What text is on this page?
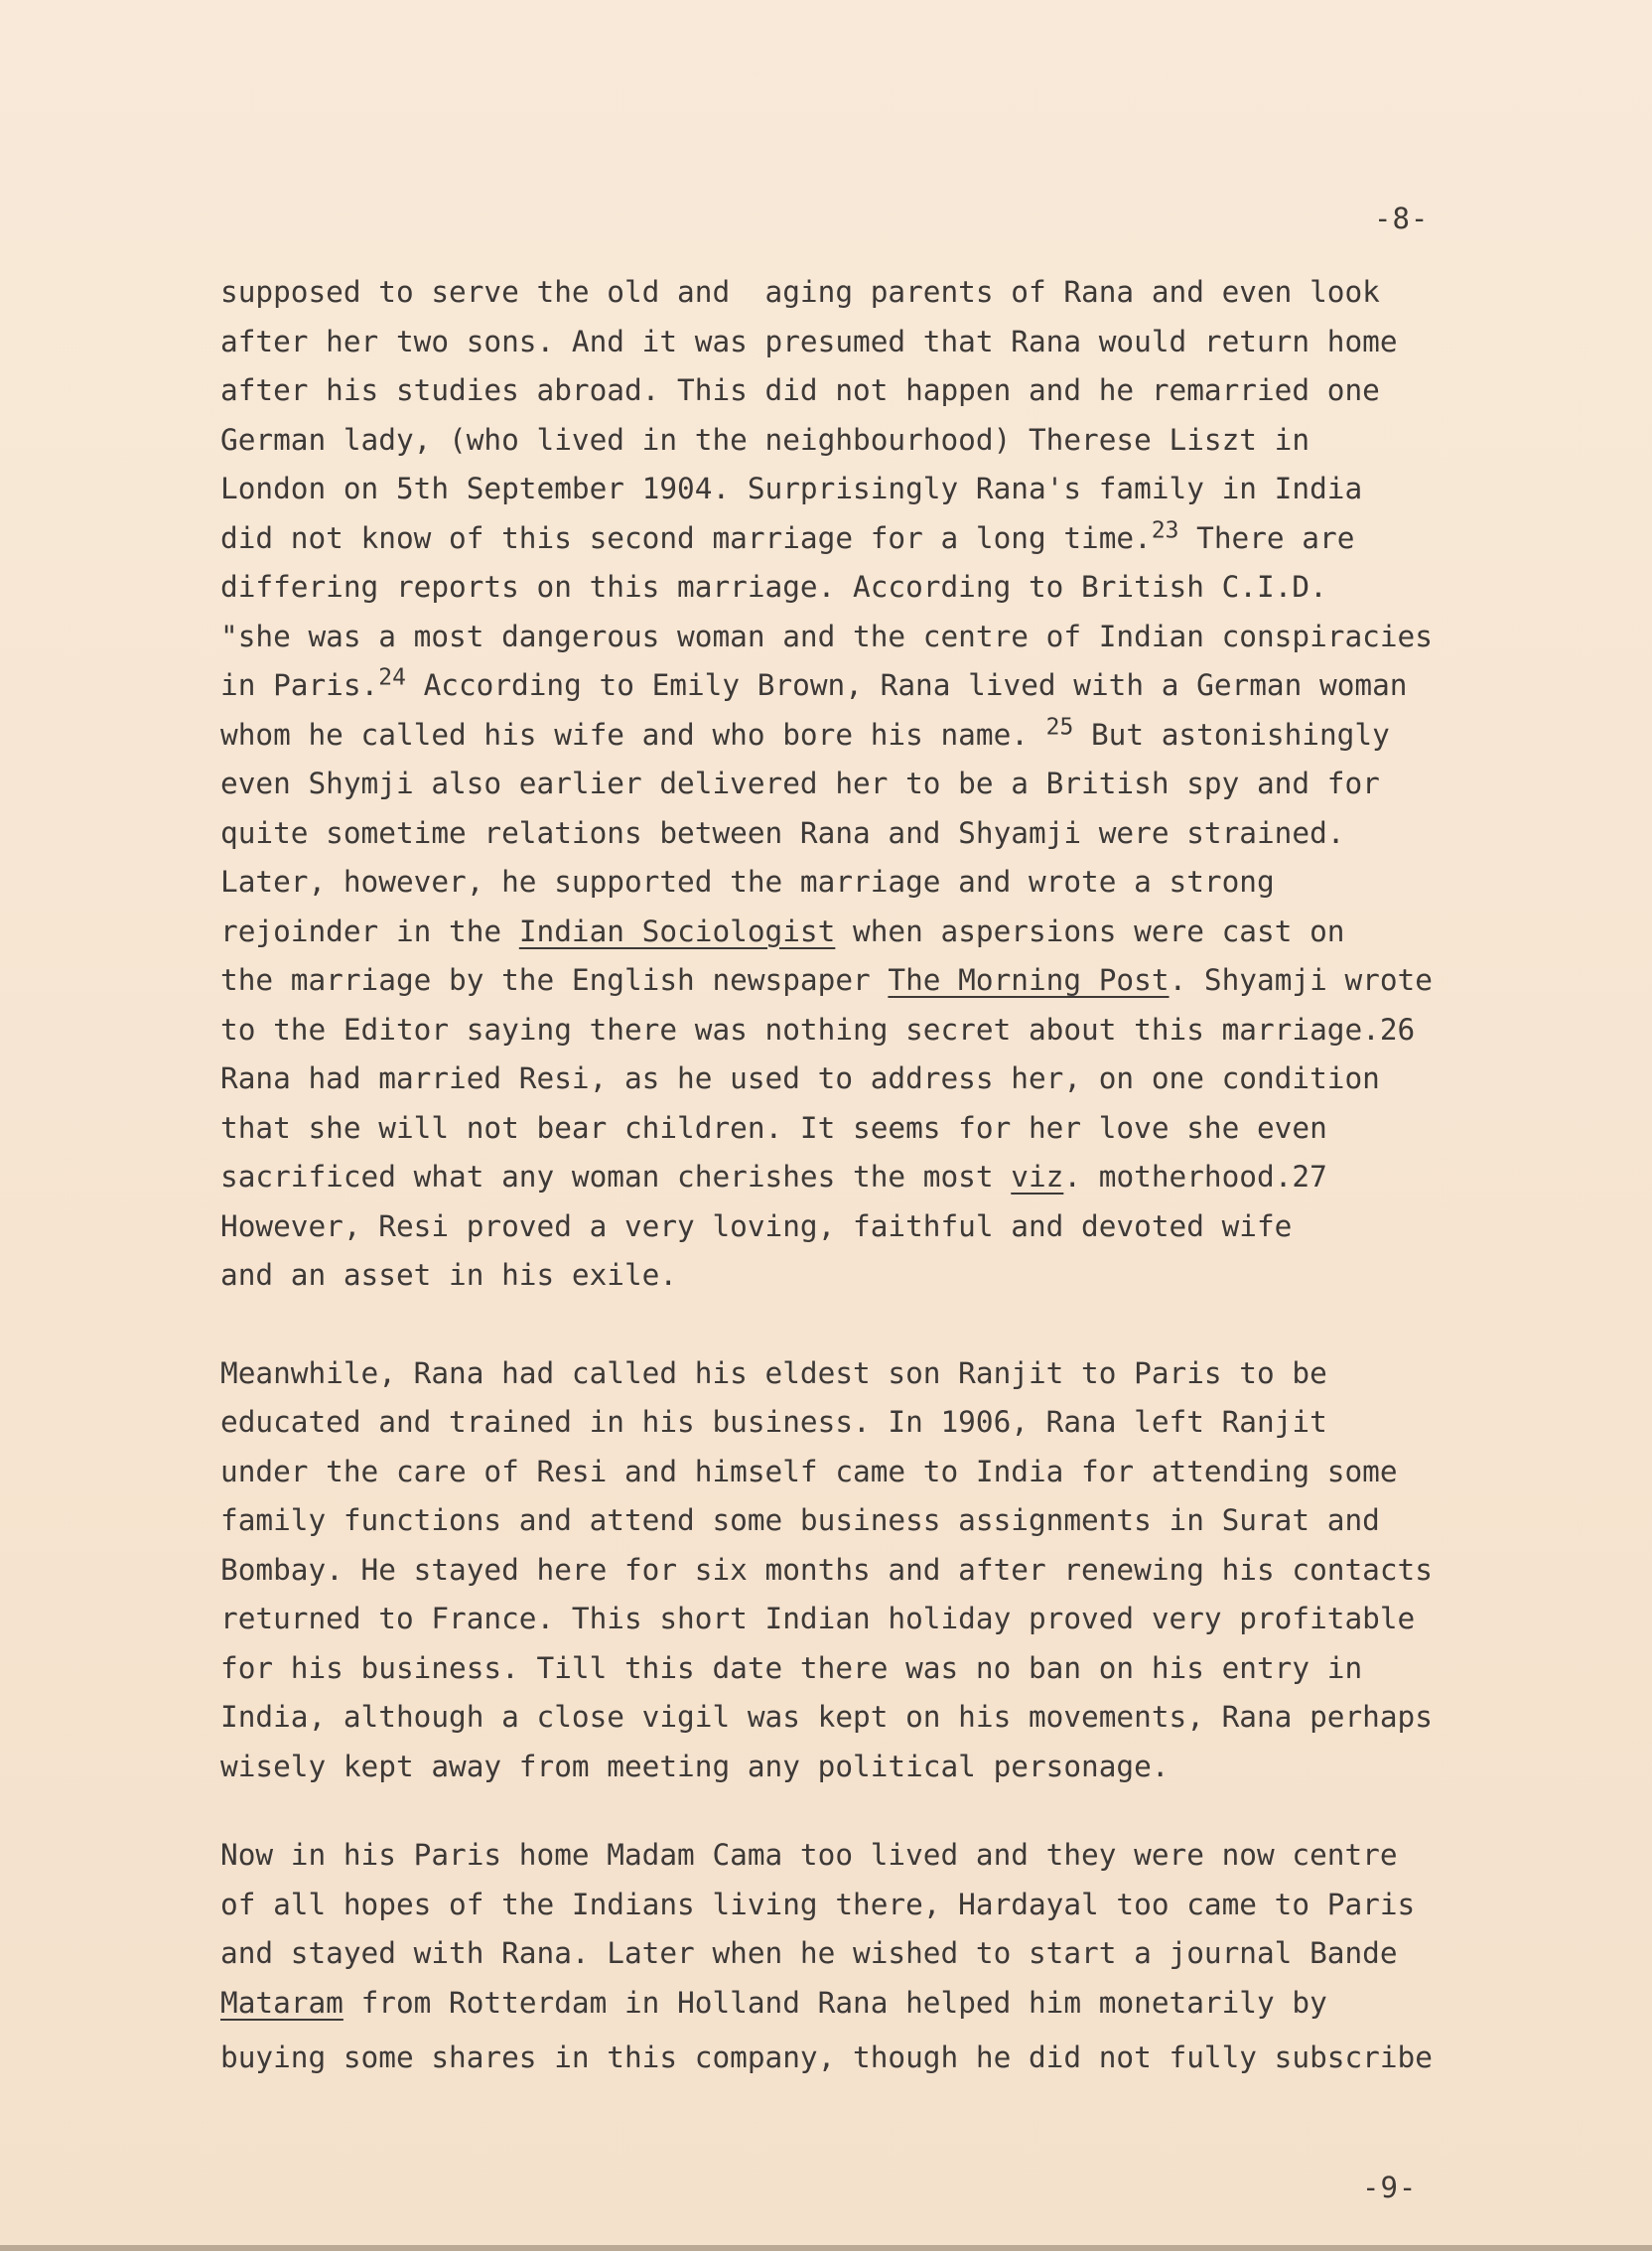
-8-
supposed to serve the old and  aging parents of Rana and even look
after her two sons. And it was presumed that Rana would return home
after his studies abroad. This did not happen and he remarried one
German lady, (who lived in the neighbourhood) Therese Liszt in
London on 5th September 1904. Surprisingly Rana's family in India
did not know of this second marriage for a long time.$^{23}$ There are
differing reports on this marriage. According to British C.I.D.
"she was a most dangerous woman and the centre of Indian conspiracies
in Paris.$^{24}$ According to Emily Brown, Rana lived with a German woman
whom he called his wife and who bore his name. $^{25}$ But astonishingly
even Shymji also earlier delivered her to be a British spy and for
quite sometime relations between Rana and Shyamji were strained.
Later, however, he supported the marriage and wrote a strong
rejoinder in the Indian Sociologist when aspersions were cast on
the marriage by the English newspaper The Morning Post. Shyamji wrote
to the Editor saying there was nothing secret about this marriage.26
Rana had married Resi, as he used to address her, on one condition
that she will not bear children. It seems for her love she even
sacrificed what any woman cherishes the most viz. motherhood.27
However, Resi proved a very loving, faithful and devoted wife
and an asset in his exile.
Meanwhile, Rana had called his eldest son Ranjit to Paris to be
educated and trained in his business. In 1906, Rana left Ranjit
under the care of Resi and himself came to India for attending some
family functions and attend some business assignments in Surat and
Bombay. He stayed here for six months and after renewing his contacts
returned to France. This short Indian holiday proved very profitable
for his business. Till this date there was no ban on his entry in
India, although a close vigil was kept on his movements, Rana perhaps
wisely kept away from meeting any political personage.
Now in his Paris home Madam Cama too lived and they were now centre
of all hopes of the Indians living there, Hardayal too came to Paris
and stayed with Rana. Later when he wished to start a journal Bande
Mataram from Rotterdam in Holland Rana helped him monetarily by
buying some shares in this company, though he did not fully subscribe
-9-
